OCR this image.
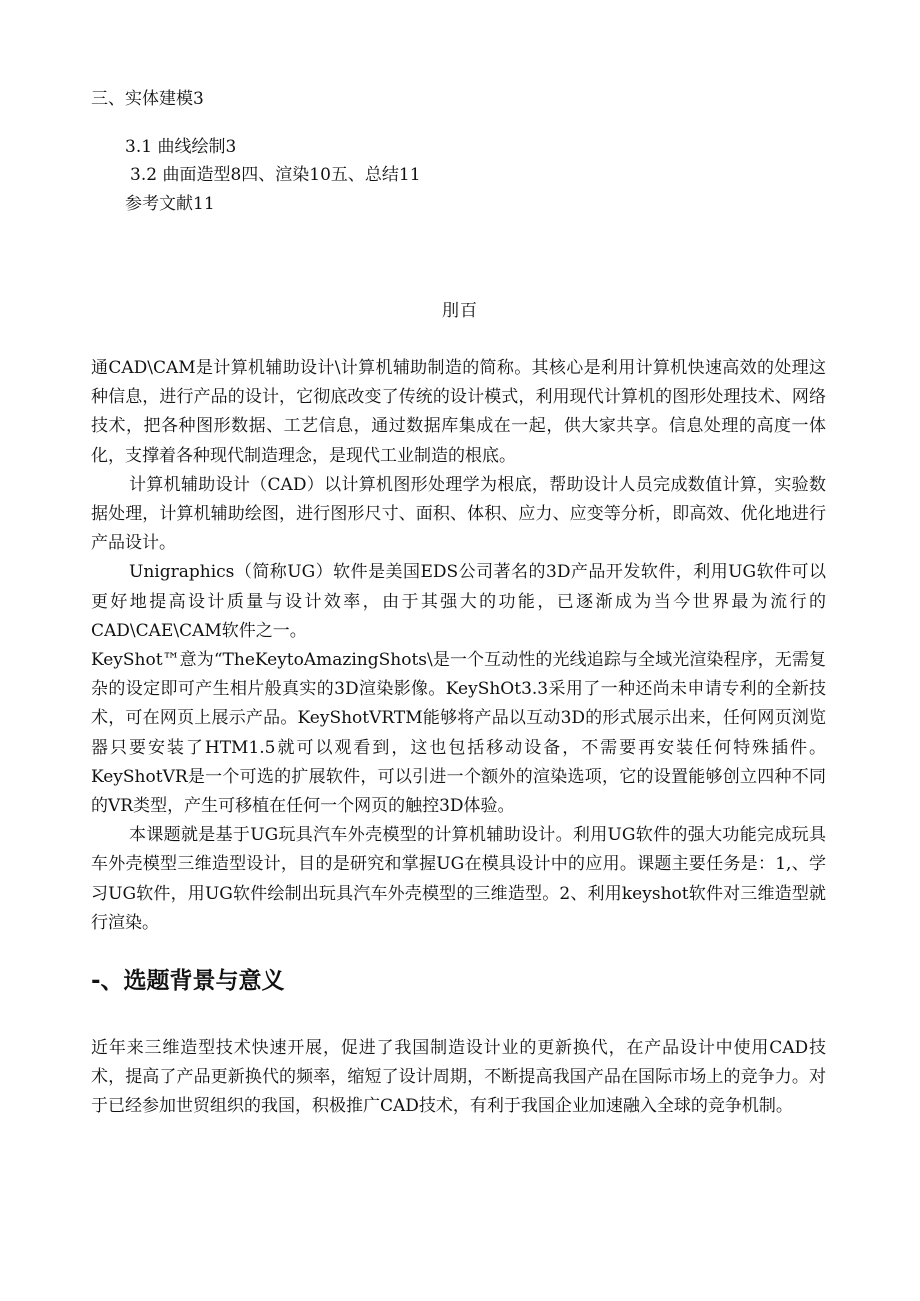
三、实体建模3
3.1 曲线绘制3
3.2 曲面造型8四、渲染10五、总结11
参考文献11
刖百

通CAD\CAM是计算机辅助设计\计算机辅助制造的简称。其核心是利用计算机快速高效的处理这种信息，进行产品的设计，它彻底改变了传统的设计模式，利用现代计算机的图形处理技术、网络技术，把各种图形数据、工艺信息，通过数据库集成在一起，供大家共享。信息处理的高度一体化，支撑着各种现代制造理念，是现代工业制造的根底。

计算机辅助设计（CAD）以计算机图形处理学为根底，帮助设计人员完成数值计算，实验数据处理，计算机辅助绘图，进行图形尺寸、面积、体积、应力、应变等分析，即高效、优化地进行产品设计。

Unigraphics（简称UG）软件是美国EDS公司著名的3D产品开发软件，利用UG软件可以更好地提高设计质量与设计效率，由于其强大的功能，已逐渐成为当今世界最为流行的CAD\CAE\CAM软件之一。

KeyShot™意为“TheKeytoAmazingShots\是一个互动性的光线追踪与全域光渲染程序，无需复杂的设定即可产生相片般真实的3D渲染影像。KeyShOt3.3采用了一种还尚未申请专利的全新技术，可在网页上展示产品。KeyShotVRTM能够将产品以互动3D的形式展示出来，任何网页浏览器只要安装了HTM1.5就可以观看到，这也包括移动设备，不需要再安装任何特殊插件。KeyShotVR是一个可选的扩展软件，可以引进一个额外的渲染选项，它的设置能够创立四种不同的VR类型，产生可移植在任何一个网页的触控3D体验。

本课题就是基于UG玩具汽车外壳模型的计算机辅助设计。利用UG软件的强大功能完成玩具车外壳模型三维造型设计，目的是研究和掌握UG在模具设计中的应用。课题主要任务是：1,、学习UG软件，用UG软件绘制出玩具汽车外壳模型的三维造型。2、利用keyshot软件对三维造型就行渲染。

-、选题背景与意义

近年来三维造型技术快速开展，促进了我国制造设计业的更新换代，在产品设计中使用CAD技术，提高了产品更新换代的频率，缩短了设计周期，不断提高我国产品在国际市场上的竞争力。对于已经参加世贸组织的我国，积极推广CAD技术，有利于我国企业加速融入全球的竞争机制。
